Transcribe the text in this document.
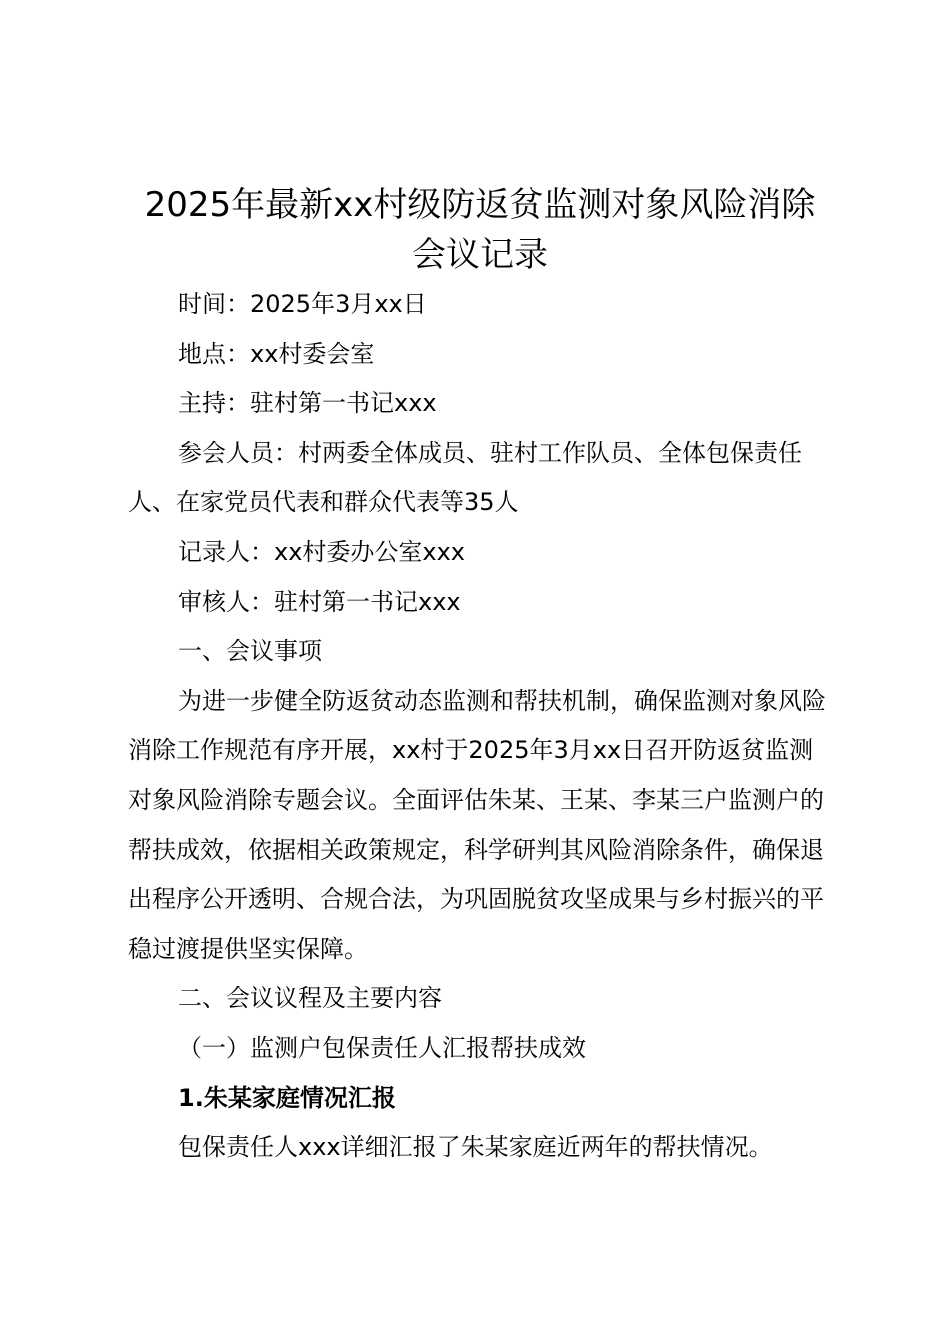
2025年最新xx村级防返贫监测对象风险消除会议记录

时间：2025年3月xx日

地点：xx村委会室

主持：驻村第一书记xxx

参会人员：村两委全体成员、驻村工作队员、全体包保责任人、在家党员代表和群众代表等35人

记录人：xx村委办公室xxx

审核人：驻村第一书记xxx

一、会议事项

为进一步健全防返贫动态监测和帮扶机制，确保监测对象风险消除工作规范有序开展，xx村于2025年3月xx日召开防返贫监测对象风险消除专题会议。全面评估朱某、王某、李某三户监测户的帮扶成效，依据相关政策规定，科学研判其风险消除条件，确保退出程序公开透明、合规合法，为巩固脱贫攻坚成果与乡村振兴的平稳过渡提供坚实保障。

二、会议议程及主要内容

（一）监测户包保责任人汇报帮扶成效

1.朱某家庭情况汇报

包保责任人xxx详细汇报了朱某家庭近两年的帮扶情况。
